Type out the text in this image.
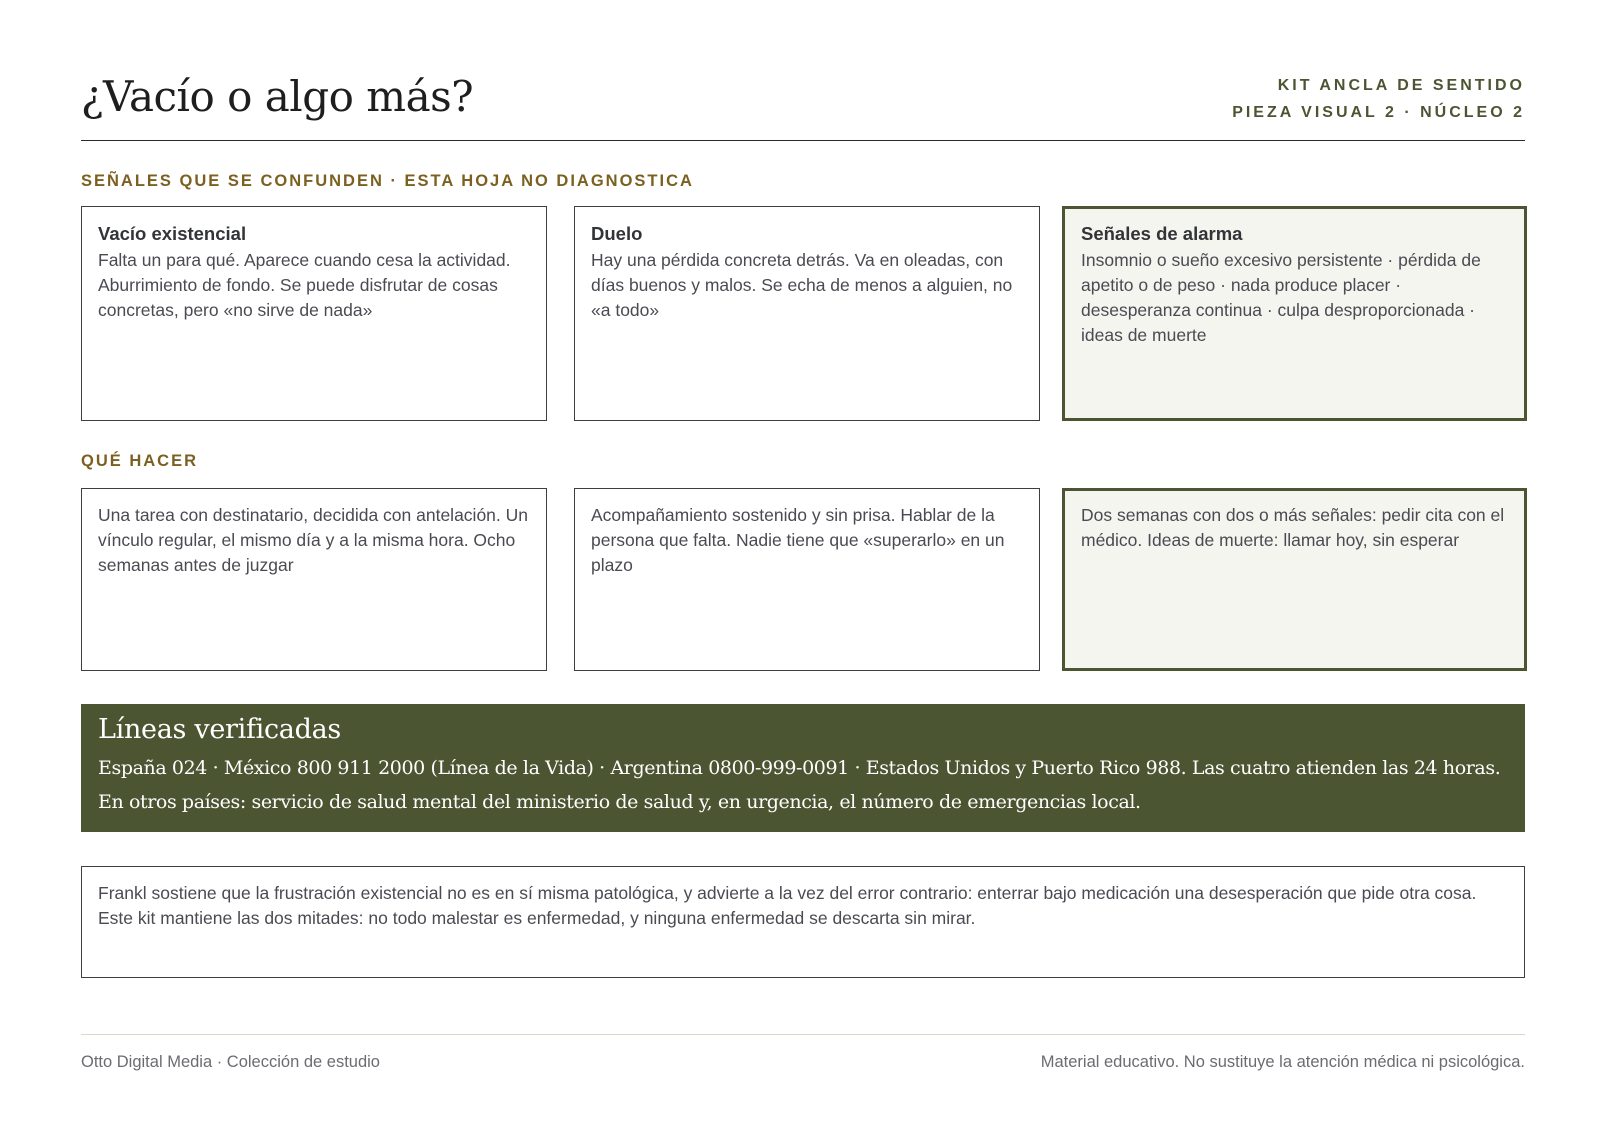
¿Vacío o algo más?	KIT ANCLA DE SENTIDO
PIEZA VISUAL 2 · NÚCLEO 2
SEÑALES QUE SE CONFUNDEN · ESTA HOJA NO DIAGNOSTICA
Vacío existencial

Falta un para qué. Aparece cuando cesa la actividad. Aburrimiento de fondo. Se puede disfrutar de cosas concretas, pero «no sirve de nada»

Duelo

Hay una pérdida concreta detrás. Va en oleadas, con días buenos y malos. Se echa de menos a alguien, no «a todo»

Señales de alarma

Insomnio o sueño excesivo persistente · pérdida de apetito o de peso · nada produce placer · desesperanza continua · culpa desproporcionada · ideas de muerte

QUÉ HACER

Una tarea con destinatario, decidida con antelación. Un vínculo regular, el mismo día y a la misma hora. Ocho semanas antes de juzgar

Acompañamiento sostenido y sin prisa. Hablar de la persona que falta. Nadie tiene que «superarlo» en un plazo

Dos semanas con dos o más señales: pedir cita con el médico. Ideas de muerte: llamar hoy, sin esperar

Líneas verificadas

España 024 · México 800 911 2000 (Línea de la Vida) · Argentina 0800-999-0091 · Estados Unidos y Puerto Rico 988. Las cuatro atienden las 24 horas. En otros países: servicio de salud mental del ministerio de salud y, en urgencia, el número de emergencias local.

Frankl sostiene que la frustración existencial no es en sí misma patológica, y advierte a la vez del error contrario: enterrar bajo medicación una desesperación que pide otra cosa. Este kit mantiene las dos mitades: no todo malestar es enfermedad, y ninguna enfermedad se descarta sin mirar.
Otto Digital Media · Colección de estudio	Material educativo. No sustituye la atención médica ni psicológica.
